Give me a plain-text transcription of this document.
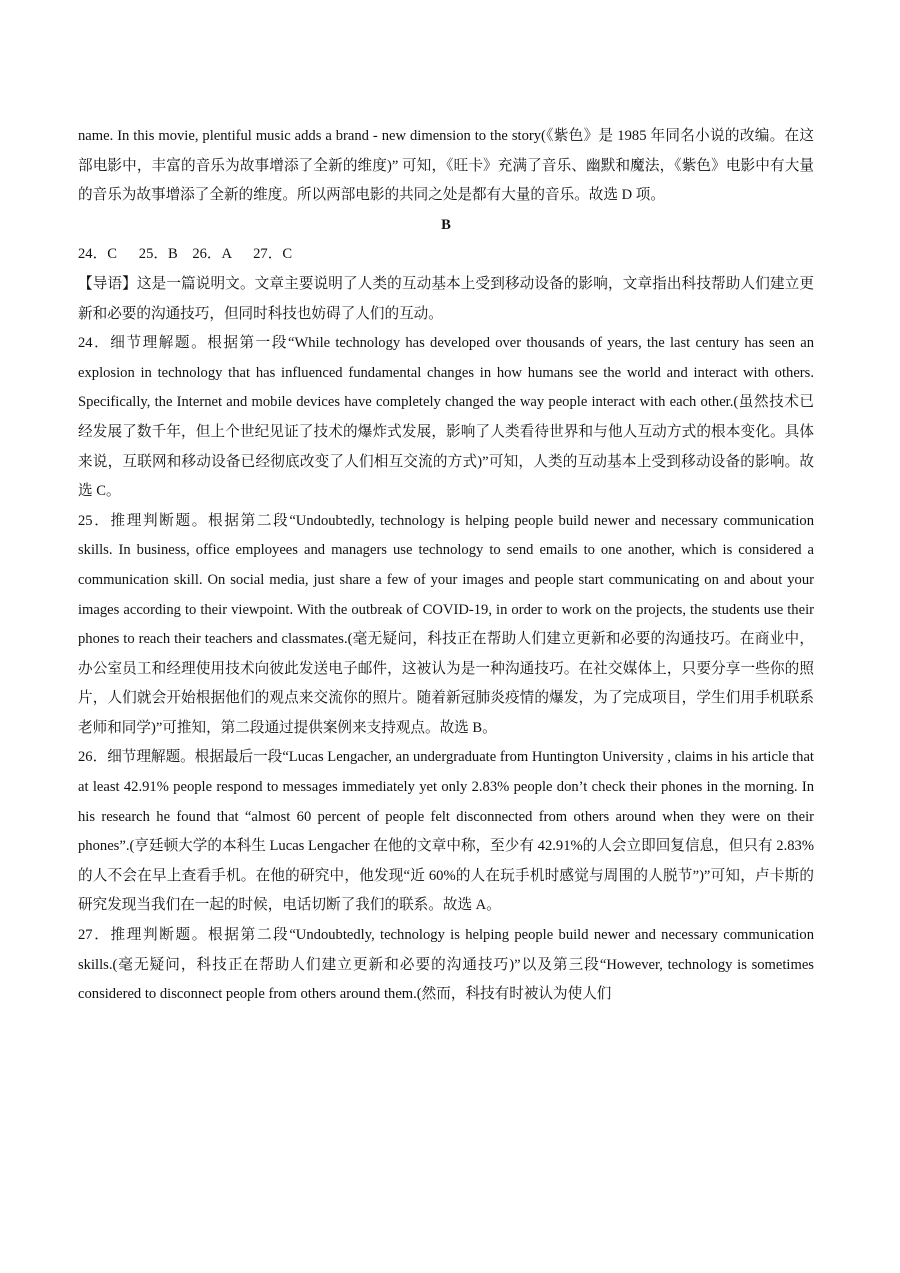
name. In this movie, plentiful music adds a brand - new dimension to the story(《紫色》是 1985 年同名小说的改编。在这部电影中，丰富的音乐为故事增添了全新的维度)” 可知，《旺卡》充满了音乐、幽默和魔法，《紫色》电影中有大量的音乐为故事增添了全新的维度。所以两部电影的共同之处是都有大量的音乐。故选 D 项。

B

24．C      25．B    26．A      27．C

【导语】这是一篇说明文。文章主要说明了人类的互动基本上受到移动设备的影响，文章指出科技帮助人们建立更新和必要的沟通技巧，但同时科技也妨碍了人们的互动。

24．细节理解题。根据第一段“While technology has developed over thousands of years, the last century has seen an explosion in technology that has influenced fundamental changes in how humans see the world and interact with others. Specifically, the Internet and mobile devices have completely changed the way people interact with each other.(虽然技术已经发展了数千年，但上个世纪见证了技术的爆炸式发展，影响了人类看待世界和与他人互动方式的根本变化。具体来说，互联网和移动设备已经彻底改变了人们相互交流的方式)”可知，人类的互动基本上受到移动设备的影响。故选 C。

25．推理判断题。根据第二段“Undoubtedly, technology is helping people build newer and necessary communication skills. In business, office employees and managers use technology to send emails to one another, which is considered a communication skill. On social media, just share a few of your images and people start communicating on and about your images according to their viewpoint. With the outbreak of COVID-19, in order to work on the projects, the students use their phones to reach their teachers and classmates.(毫无疑问，科技正在帮助人们建立更新和必要的沟通技巧。在商业中，办公室员工和经理使用技术向彼此发送电子邮件，这被认为是一种沟通技巧。在社交媒体上，只要分享一些你的照片，人们就会开始根据他们的观点来交流你的照片。随着新冠肺炎疫情的爆发，为了完成项目，学生们用手机联系老师和同学)”可推知，第二段通过提供案例来支持观点。故选 B。

26．细节理解题。根据最后一段“Lucas Lengacher, an undergraduate from Huntington University , claims in his article that at least 42.91% people respond to messages immediately yet only 2.83% people don’t check their phones in the morning. In his research he found that “almost 60 percent of people felt disconnected from others around when they were on their phones”.(亨廷顿大学的本科生 Lucas Lengacher 在他的文章中称，至少有 42.91%的人会立即回复信息，但只有 2.83%的人不会在早上查看手机。在他的研究中，他发现“近 60%的人在玩手机时感觉与周围的人脱节”)”可知，卢卡斯的研究发现当我们在一起的时候，电话切断了我们的联系。故选 A。

27．推理判断题。根据第二段“Undoubtedly, technology is helping people build newer and necessary communication skills.(毫无疑问，科技正在帮助人们建立更新和必要的沟通技巧)”以及第三段“However, technology is sometimes considered to disconnect people from others around them.(然而，科技有时被认为使人们
